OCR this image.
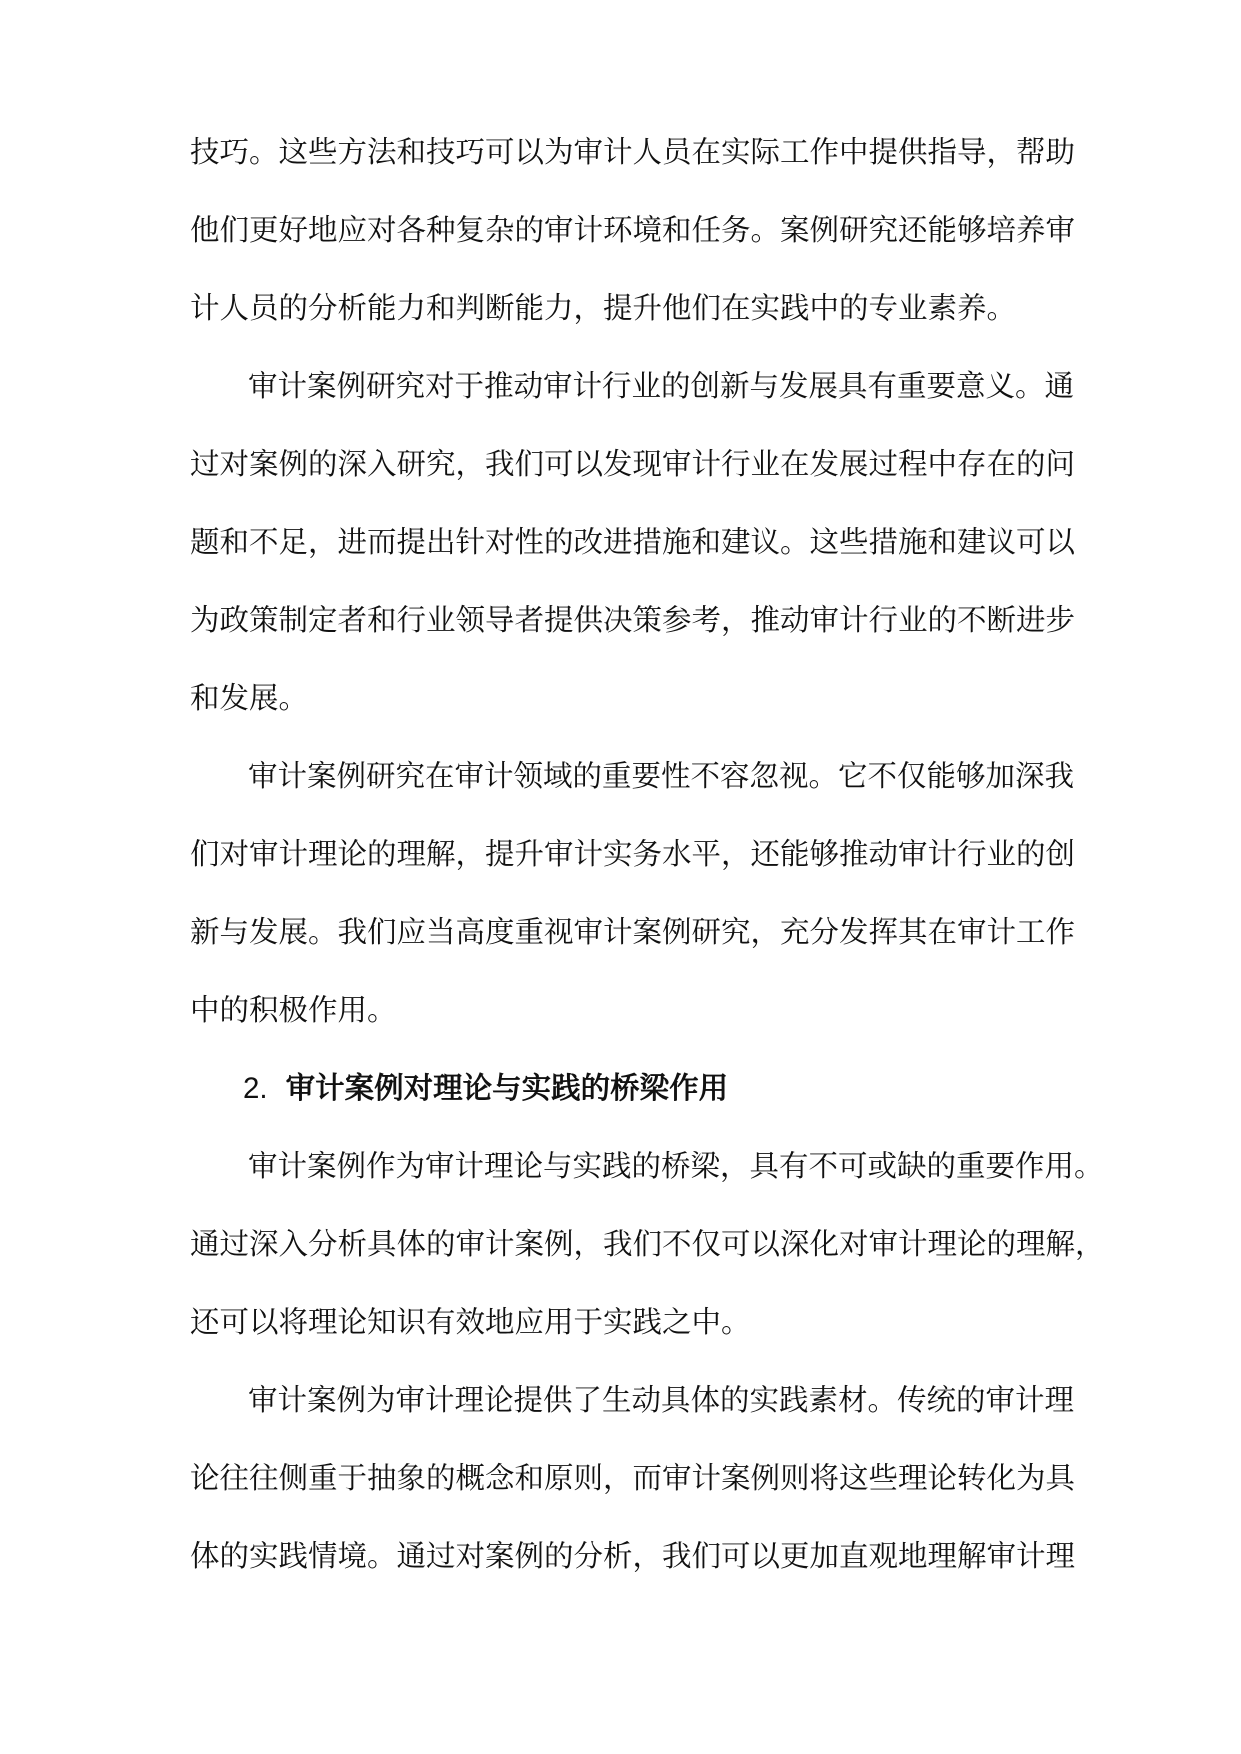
技巧。这些方法和技巧可以为审计人员在实际工作中提供指导，帮助
他们更好地应对各种复杂的审计环境和任务。案例研究还能够培养审
计人员的分析能力和判断能力，提升他们在实践中的专业素养。
审计案例研究对于推动审计行业的创新与发展具有重要意义。通
过对案例的深入研究，我们可以发现审计行业在发展过程中存在的问
题和不足，进而提出针对性的改进措施和建议。这些措施和建议可以
为政策制定者和行业领导者提供决策参考，推动审计行业的不断进步
和发展。
审计案例研究在审计领域的重要性不容忽视。它不仅能够加深我
们对审计理论的理解，提升审计实务水平，还能够推动审计行业的创
新与发展。我们应当高度重视审计案例研究，充分发挥其在审计工作
中的积极作用。
2. 审计案例对理论与实践的桥梁作用
审计案例作为审计理论与实践的桥梁，具有不可或缺的重要作用。
通过深入分析具体的审计案例，我们不仅可以深化对审计理论的理解，
还可以将理论知识有效地应用于实践之中。
审计案例为审计理论提供了生动具体的实践素材。传统的审计理
论往往侧重于抽象的概念和原则，而审计案例则将这些理论转化为具
体的实践情境。通过对案例的分析，我们可以更加直观地理解审计理
